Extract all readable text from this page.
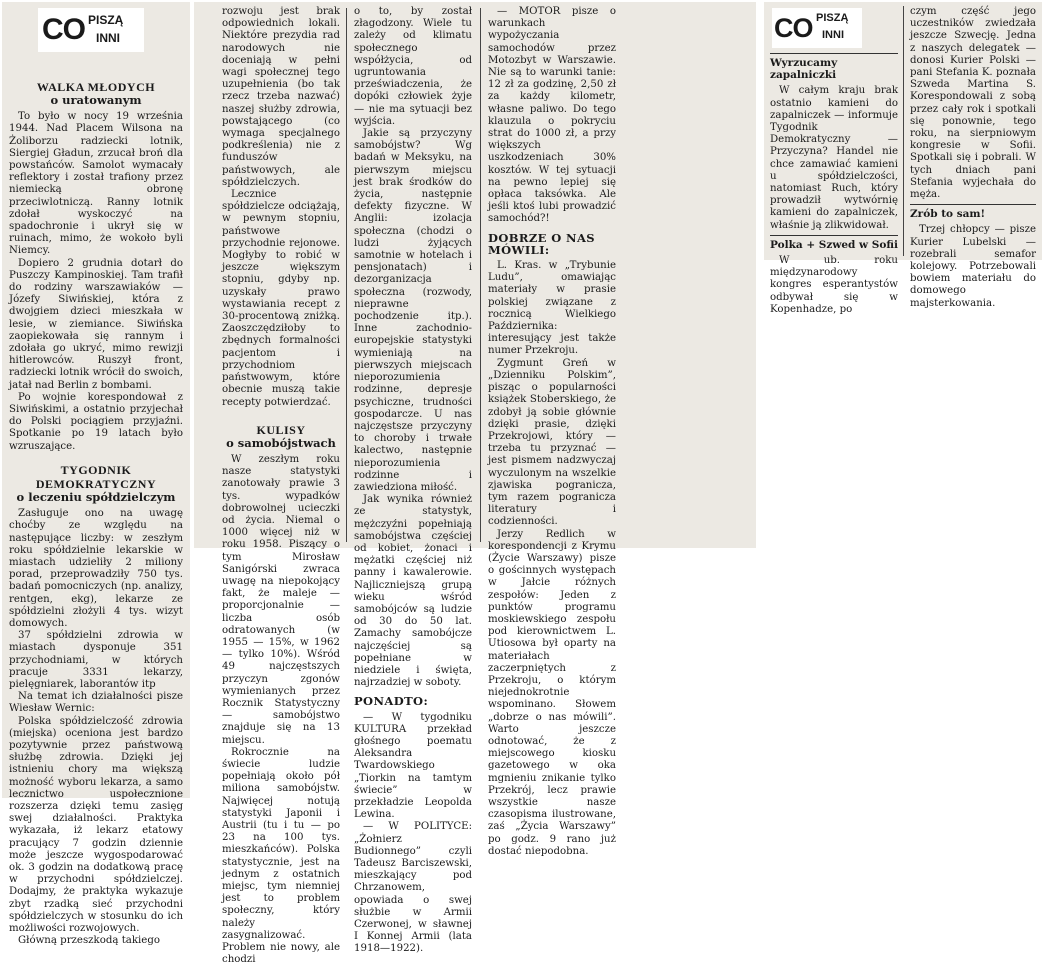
CO PISZĄ
INNI
WALKA MŁODYCH
o uratowanym

To było w nocy 19 września 1944. Nad Placem Wilsona na Żoliborzu radziecki lotnik, Siergiej Gładun, zrzucał broń dla powstańców. Samolot wymacały reflektory i został trafiony przez niemiecką obronę przeciwlotniczą. Ranny lotnik zdołał wyskoczyć na spadochronie i ukrył się w ruinach, mimo, że wokoło byli Niemcy.

Dopiero 2 grudnia dotarł do Puszczy Kampinoskiej. Tam trafił do rodziny warszawiaków — Józefy Siwińskiej, która z dwojgiem dzieci mieszkała w lesie, w ziemiance. Siwińska zaopiekowała się rannym i zdołała go ukryć, mimo rewizji hitlerowców. Ruszył front, radziecki lotnik wrócił do swoich, jatał nad Berlin z bombami.

Po wojnie korespondował z Siwińskimi, a ostatnio przyjechał do Polski pociągiem przyjaźni. Spotkanie po 19 latach było wzruszające.

TYGODNIK DEMOKRATYCZNY
o leczeniu spółdzielczym

Zasługuje ono na uwagę choćby ze względu na następujące liczby: w zeszłym roku spółdzielnie lekarskie w miastach udzieliły 2 miliony porad, przeprowadziły 750 tys. badań pomocniczych (np. analizy, rentgen, ekg), lekarze ze spółdzielni złożyli 4 tys. wizyt domowych.

37 spółdzielni zdrowia w miastach dysponuje 351 przychodniami, w których pracuje 3331 lekarzy, pielęgniarek, laborantów itp

Na temat ich działalności pisze Wiesław Wernic:

Polska spółdzielczość zdrowia (miejska) oceniona jest bardzo pozytywnie przez państwową służbę zdrowia. Dzięki jej istnieniu chory ma większą możność wyboru lekarza, a samo lecznictwo uspołecznione rozszerza dzięki temu zasięg swej działalności. Praktyka wykazała, iż lekarz etatowy pracujący 7 godzin dziennie może jeszcze wygospodarować ok. 3 godzin na dodatkową pracę w przychodni spółdzielczej. Dodajmy, że praktyka wykazuje zbyt rzadką sieć przychodni spółdzielczych w stosunku do ich możliwości rozwojowych.

Główną przeszkodą takiego

rozwoju jest brak odpowiednich lokali. Niektóre prezydia rad narodowych nie doceniają w pełni wagi społecznej tego uzupełnienia (bo tak rzecz trzeba nazwać) naszej służby zdrowia, powstającego (co wymaga specjalnego podkreślenia) nie z funduszów państwowych, ale spółdzielczych.

Lecznice spółdzielcze odciążają, w pewnym stopniu, państwowe przychodnie rejonowe. Mogłyby to robić w jeszcze większym stopniu, gdyby np. uzyskały prawo wystawiania recept z 30-procentową zniżką. Zaoszczędziłoby to zbędnych formalności pacjentom i przychodniom państwowym, które obecnie muszą takie recepty potwierdzać.

KULISY
o samobójstwach

W zeszłym roku nasze statystyki zanotowały prawie 3 tys. wypadków dobrowolnej ucieczki od życia. Niemal o 1000 więcej niż w roku 1958. Piszący o tym Mirosław Sanigórski zwraca uwagę na niepokojący fakt, że maleje — proporcjonalnie — liczba osób odratowanych (w 1955 — 15%, w 1962 — tylko 10%). Wśród 49 najczęstszych przyczyn zgonów wymienianych przez Rocznik Statystyczny — samobójstwo znajduje się na 13 miejscu.

Rokrocznie na świecie ludzie popełniają około pół miliona samobójstw. Najwięcej notują statystyki Japonii i Austrii (tu i tu — po 23 na 100 tys. mieszkańców). Polska statystycznie, jest na jednym z ostatnich miejsc, tym niemniej jest to problem społeczny, który należy zasygnalizować. Problem nie nowy, ale chodzi

o to, by został złagodzony. Wiele tu zależy od klimatu społecznego współżycia, od ugruntowania przeświadczenia, że dopóki człowiek żyje — nie ma sytuacji bez wyjścia.

Jakie są przyczyny samobójstw? Wg badań w Meksyku, na pierwszym miejscu jest brak środków do życia, następnie defekty fizyczne. W Anglii: izolacja społeczna (chodzi o ludzi żyjących samotnie w hotelach i pensjonatach) i dezorganizacja społeczna (rozwody, nieprawne pochodzenie itp.). Inne zachodnio-europejskie statystyki wymieniają na pierwszych miejscach nieporozumienia rodzinne, depresje psychiczne, trudności gospodarcze. U nas najczęstsze przyczyny to choroby i trwałe kalectwo, następnie nieporozumienia rodzinne i zawiedziona miłość.

Jak wynika również ze statystyk, mężczyźni popełniają samobójstwa częściej od kobiet, żonaci i mężatki częściej niż panny i kawalerowie. Najliczniejszą grupą wieku wśród samobójców są ludzie od 30 do 50 lat. Zamachy samobójcze najczęściej są popełniane w niedziele i święta, najrzadziej w soboty.

PONADTO:

— W tygodniku KULTURA przekład głośnego poematu Aleksandra Twardowskiego „Tiorkin na tamtym świecie” w przekładzie Leopolda Lewina.

— W POLITYCE: „Żołnierz Budionnego” czyli Tadeusz Barciszewski, mieszkający pod Chrzanowem, opowiada o swej służbie w Armii Czerwonej, w sławnej I Konnej Armii (lata 1918—1922).

— MOTOR pisze o warunkach wypożyczania samochodów przez Motozbyt w Warszawie. Nie są to warunki tanie: 12 zł za godzinę, 2,50 zł za każdy kilometr, własne paliwo. Do tego klauzula o pokryciu strat do 1000 zł, a przy większych uszkodzeniach 30% kosztów. W tej sytuacji na pewno lepiej się opłaca taksówka. Ale jeśli ktoś lubi prowadzić samochód?!

DOBRZE O NAS MÓWILI:

L. Kras. w „Trybunie Ludu”, omawiając materiały w prasie polskiej związane z rocznicą Wielkiego Października: interesujący jest także numer Przekroju.

Zygmunt Greń w „Dzienniku Polskim”, pisząc o popularności książek Stoberskiego, że zdobył ją sobie głównie dzięki prasie, dzięki Przekrojowi, który — trzeba tu przyznać — jest pismem nadzwyczaj wyczulonym na wszelkie zjawiska pograniczа, tym razem pogranicza literatury i codzienności.

Jerzy Redlich w korespondencji z Krymu (Życie Warszawy) pisze o gościnnych występach w Jałcie różnych zespołów: Jeden z punktów programu moskiewskiego zespołu pod kierownictwem L. Utiosowa był oparty na materiałach zaczerpniętych z Przekroju, o którym niejednokrotnie wspominano. Słowem „dobrze o nas mówili”. Warto jeszcze odnotować, że z miejscowego kiosku gazetowego w oka mgnieniu znikanie tylko Przekrój, lecz prawie wszystkie nasze czasopisma ilustrowane, zaś „Życia Warszawy” po godz. 9 rano już dostać niepodobna.

CO PISZĄ
INNI
Wyrzucamy zapalniczki

W całym kraju brak ostatnio kamieni do zapalniczek — informuje Tygodnik Demokratyczny — Przyczyna? Handel nie chce zamawiać kamieni u spółdzielczości, natomiast Ruch, który prowadził wytwórnię kamieni do zapalniczek, właśnie ją zlikwidował.

Polka + Szwed w Sofii

W ub. roku międzynarodowy kongres esperantystów odbywał się w Kopenhadze, po

czym część jego uczestników zwiedzała jeszcze Szwecję. Jedna z naszych delegatek — donosi Kurier Polski — pani Stefania K. poznała Szweda Martina S. Korespondowali z sobą przez cały rok i spotkali się ponownie, tego roku, na sierpniowym kongresie w Sofii. Spotkali się i pobrali. W tych dniach pani Stefania wyjechała do męża.

Zrób to sam!

Trzej chłopcy — pisze Kurier Lubelski — rozebrali semafor kolejowy. Potrzebowali bowiem materiału do domowego majsterkowania.
